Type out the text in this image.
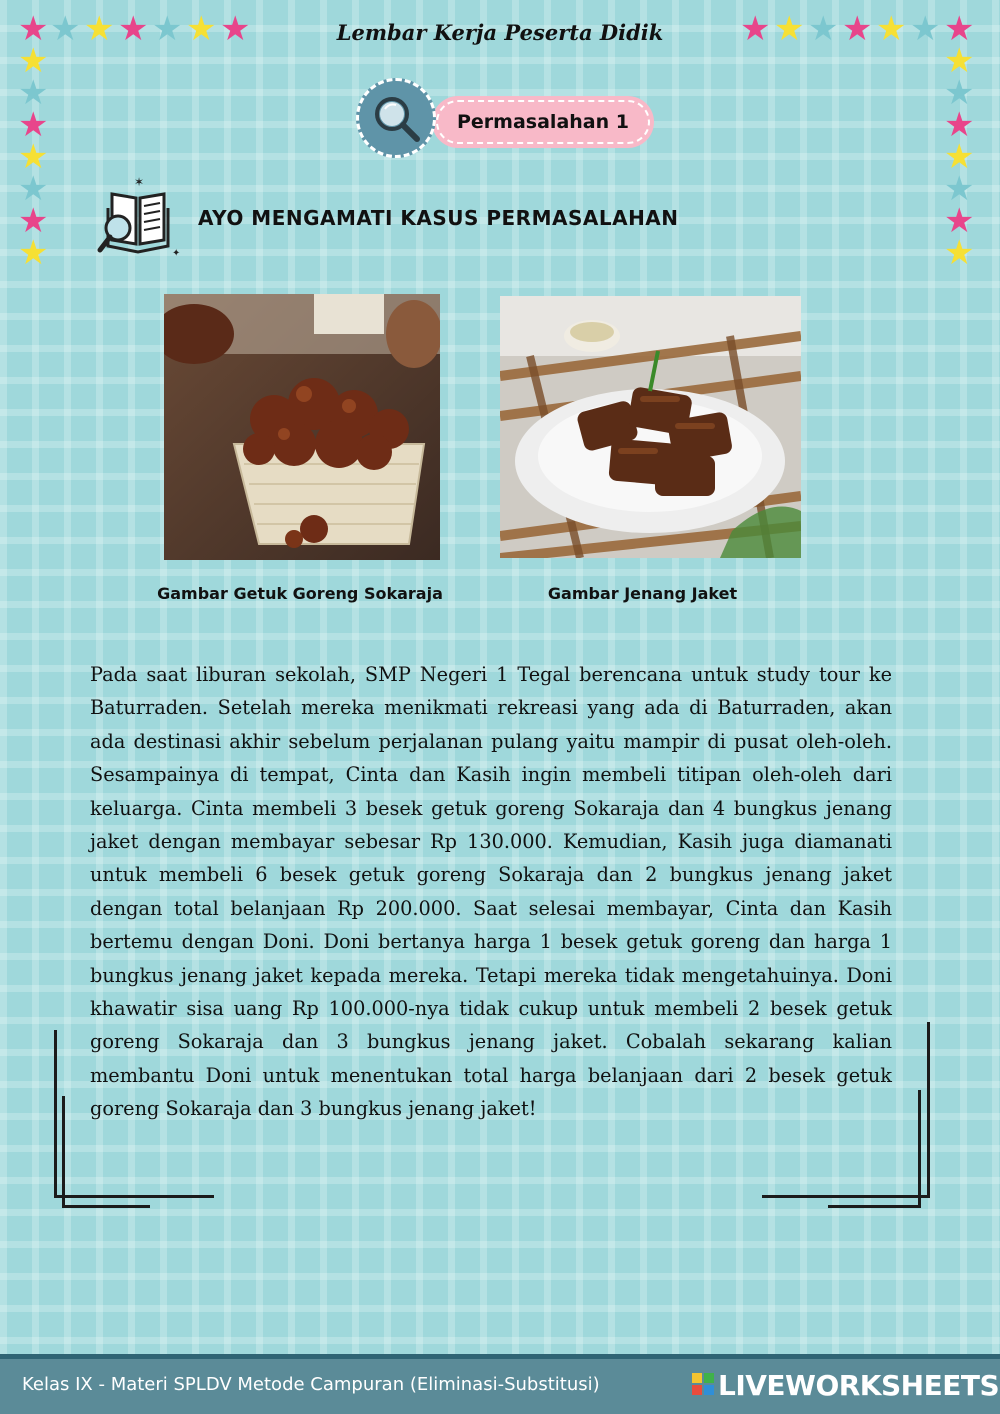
Lembar Kerja Peserta Didik
★ ★ ★ ★ ★ ★ ★
★
★
★
★
★
★
★
★ ★ ★ ★ ★ ★ ★
★
★
★
★
★
★
★
Permasalahan 1
✶
✦
AYO MENGAMATI KASUS PERMASALAHAN
Gambar Getuk Goreng Sokaraja	Gambar Jenang Jaket
Pada saat liburan sekolah, SMP Negeri 1 Tegal berencana untuk study tour ke Baturraden. Setelah mereka menikmati rekreasi yang ada di Baturraden, akan ada destinasi akhir sebelum perjalanan pulang yaitu mampir di pusat oleh-oleh. Sesampainya di tempat, Cinta dan Kasih ingin membeli titipan oleh-oleh dari keluarga. Cinta membeli 3 besek getuk goreng Sokaraja dan 4 bungkus jenang jaket dengan membayar sebesar Rp 130.000. Kemudian, Kasih juga diamanati untuk membeli 6 besek getuk goreng Sokaraja dan 2 bungkus jenang jaket dengan total belanjaan Rp 200.000. Saat selesai membayar, Cinta dan Kasih bertemu dengan Doni. Doni bertanya harga 1 besek getuk goreng dan harga 1 bungkus jenang jaket kepada mereka. Tetapi mereka tidak mengetahuinya. Doni khawatir sisa uang Rp 100.000-nya tidak cukup untuk membeli 2 besek getuk goreng Sokaraja dan 3 bungkus jenang jaket. Cobalah sekarang kalian membantu Doni untuk menentukan total harga belanjaan dari 2 besek getuk goreng Sokaraja dan 3 bungkus jenang jaket!
Kelas IX - Materi SPLDV Metode Campuran (Eliminasi-Substitusi)	LIVEWORKSHEETS
